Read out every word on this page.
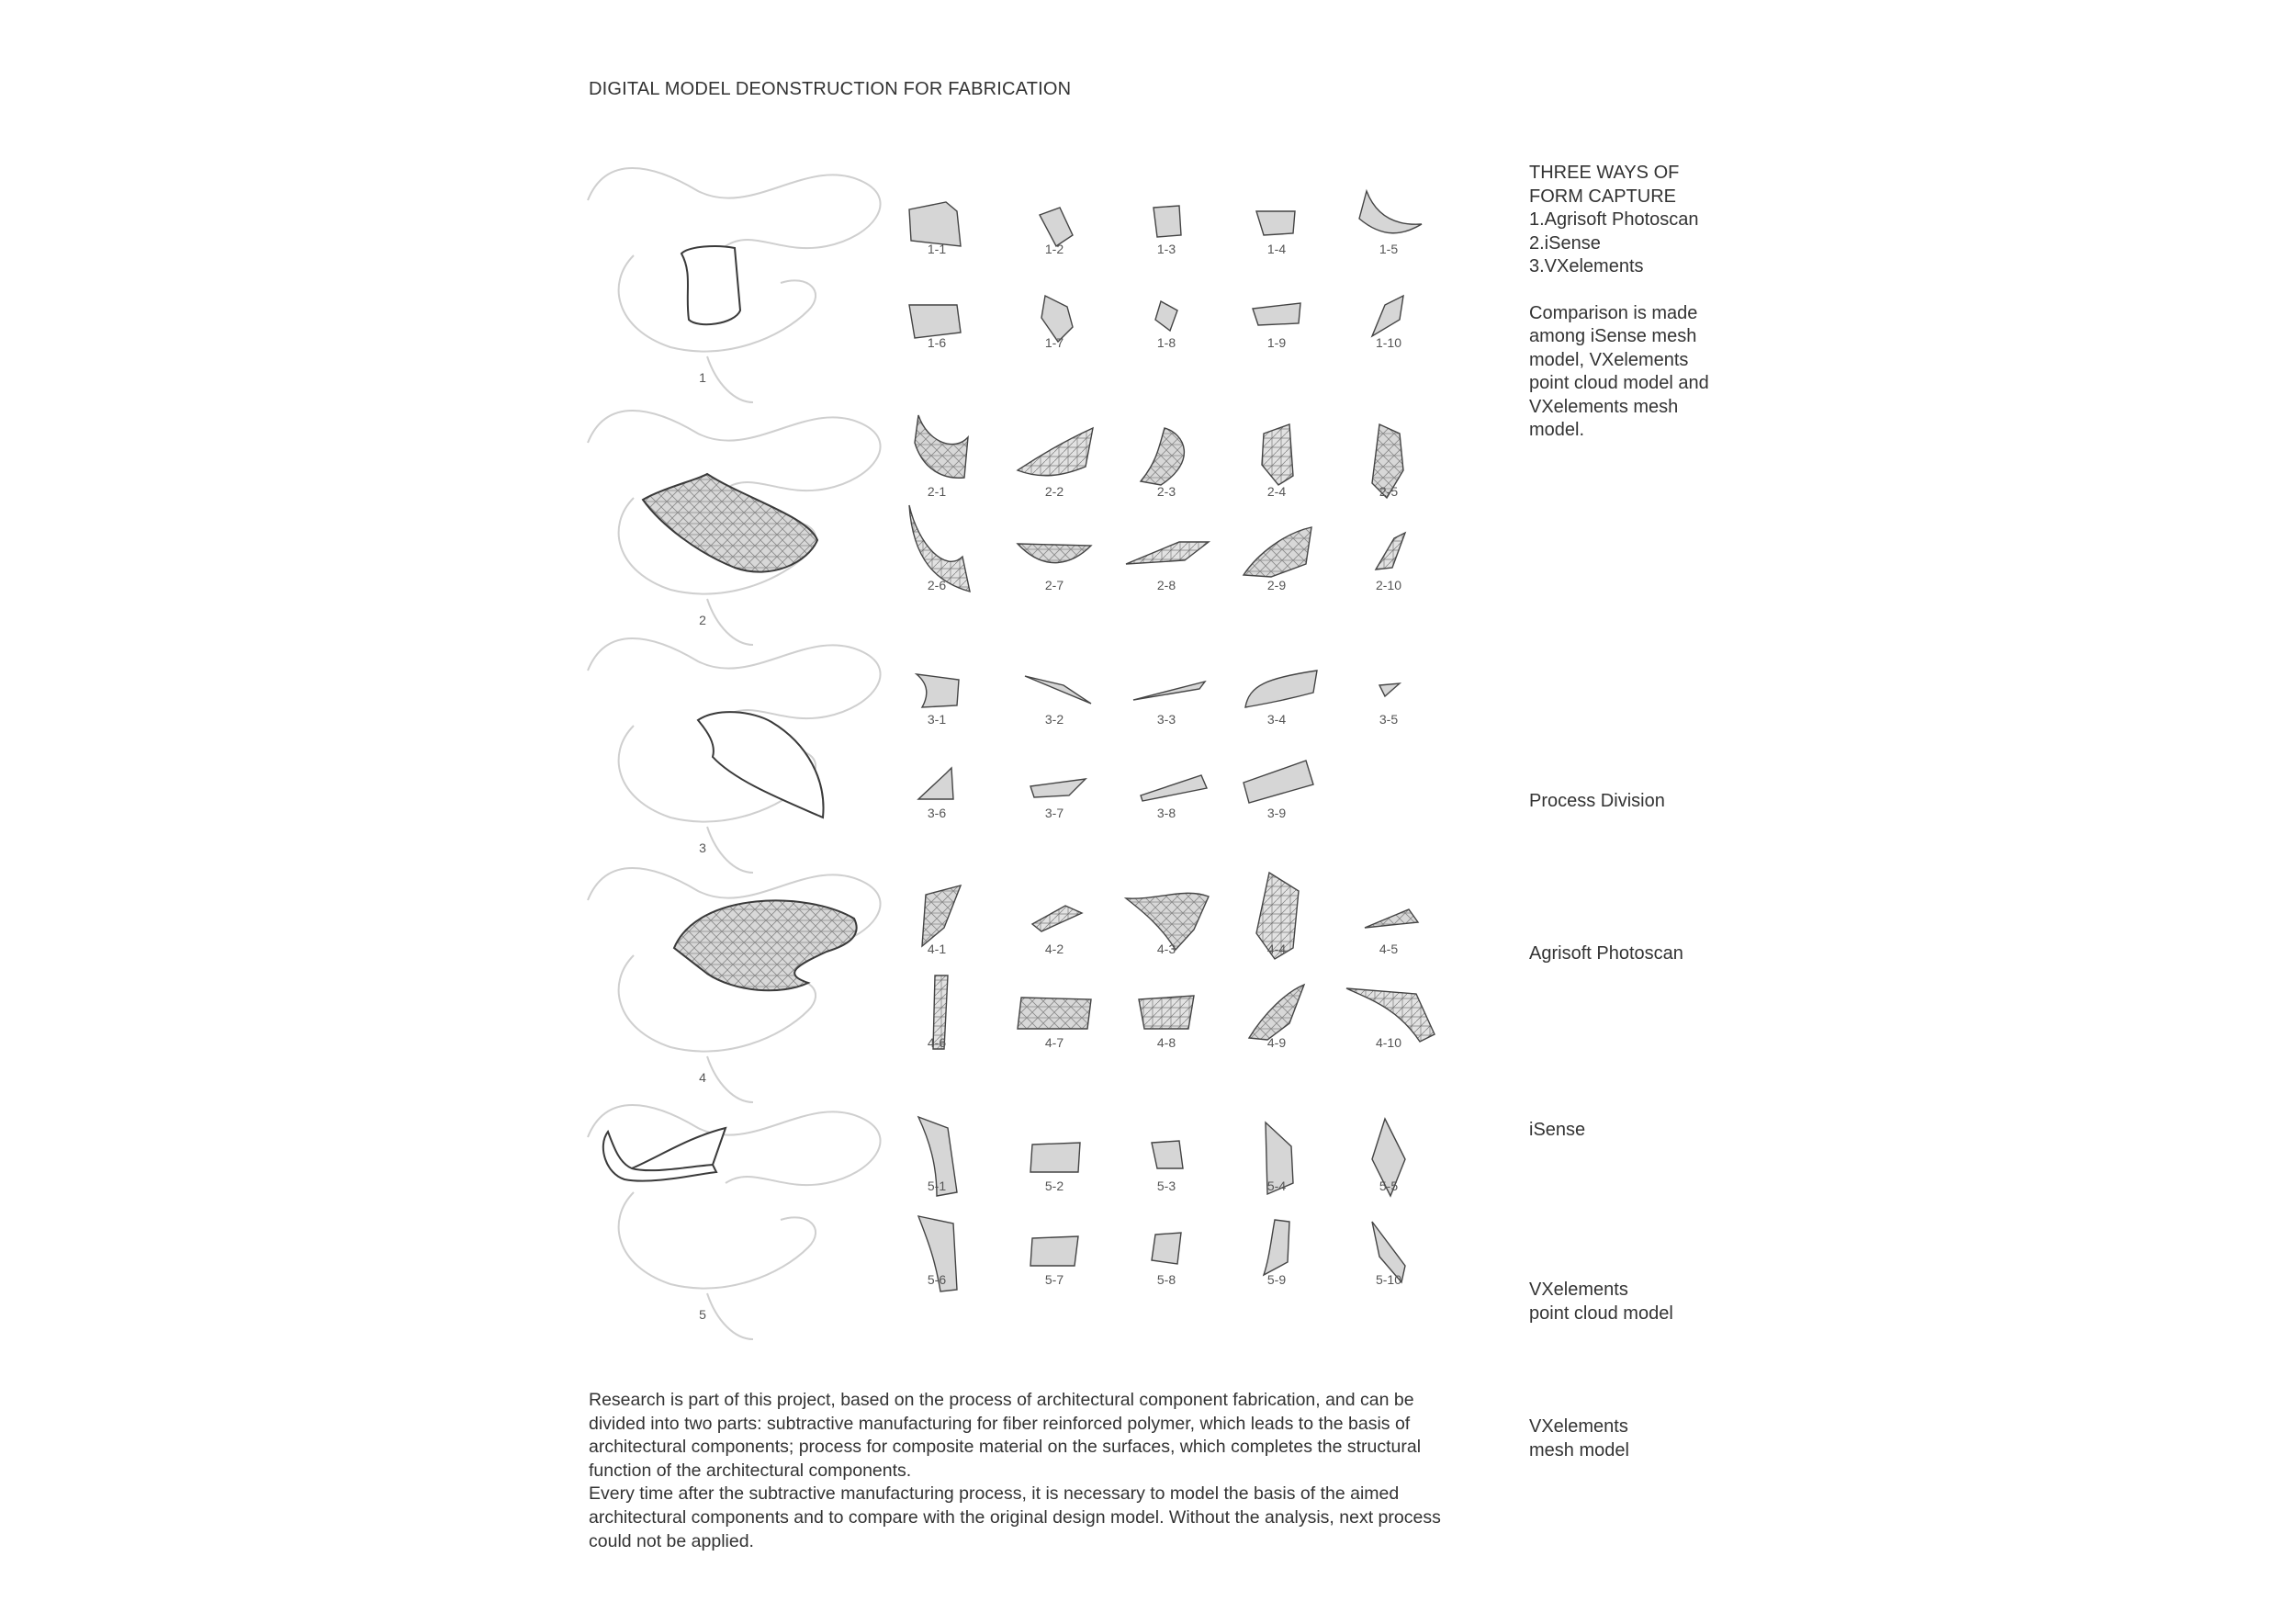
DIGITAL MODEL DEONSTRUCTION FOR FABRICATION
1
1-1	1-2	1-3	1-4	1-5
1-6	1-7	1-8	1-9	1-10
2
2-1	2-2	2-3	2-4	2-5
2-6	2-7	2-8	2-9	2-10
3
3-1	3-2	3-3	3-4	3-5
3-6	3-7	3-8	3-9
4
4-1	4-2	4-3	4-4	4-5
4-6	4-7	4-8	4-9	4-10
5
5-1	5-2	5-3	5-4	5-5
5-6	5-7	5-8	5-9	5-10
THREE WAYS OF
FORM CAPTURE
1.Agrisoft Photoscan
2.iSense
3.VXelements
Comparison is made
among iSense mesh
model, VXelements
point cloud model and
VXelements mesh
model.
Process Division
Agrisoft Photoscan
iSense
VXelements
point cloud model
VXelements
mesh model

Research is part of this project, based on the process of architectural component fabrication, and can be divided into two parts: subtractive manufacturing for fiber reinforced polymer, which leads to the basis of architectural components; process for composite material on the surfaces, which completes the structural function of the architectural components.

Every time after the subtractive manufacturing process, it is necessary to model the basis of the aimed architectural components and to compare with the original design model. Without the analysis, next process could not be applied.
